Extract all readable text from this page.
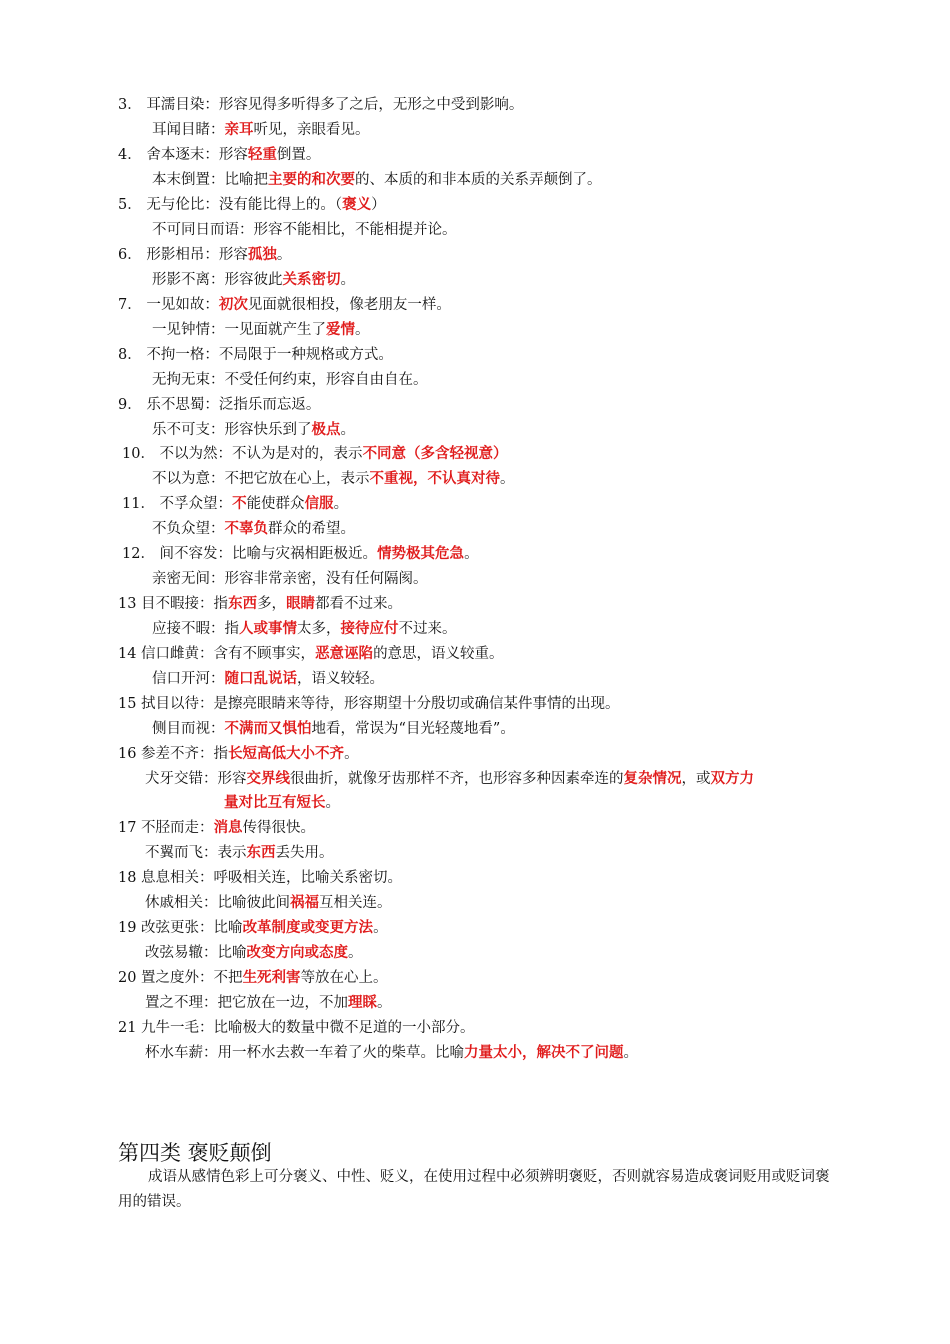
3． 耳濡目染：形容见得多听得多了之后，无形之中受到影响。
耳闻目睹：亲耳听见，亲眼看见。
4． 舍本逐末：形容轻重倒置。
本末倒置：比喻把主要的和次要的、本质的和非本质的关系弄颠倒了。
5． 无与伦比：没有能比得上的。（褒义）
不可同日而语：形容不能相比，不能相提并论。
6． 形影相吊：形容孤独。
形影不离：形容彼此关系密切。
7． 一见如故：初次见面就很相投，像老朋友一样。
一见钟情：一见面就产生了爱情。
8． 不拘一格：不局限于一种规格或方式。
无拘无束：不受任何约束，形容自由自在。
9． 乐不思蜀：泛指乐而忘返。
乐不可支：形容快乐到了极点。
10． 不以为然：不认为是对的，表示不同意（多含轻视意）
不以为意：不把它放在心上，表示不重视，不认真对待。
11． 不孚众望：不能使群众信服。
不负众望：不辜负群众的希望。
12． 间不容发：比喻与灾祸相距极近。情势极其危急。
亲密无间：形容非常亲密，没有任何隔阂。
13 目不暇接：指东西多，眼睛都看不过来。
应接不暇：指人或事情太多，接待应付不过来。
14 信口雌黄：含有不顾事实，恶意诬陷的意思，语义较重。
信口开河：随口乱说话，语义较轻。
15 拭目以待：是擦亮眼睛来等待，形容期望十分殷切或确信某件事情的出现。
侧目而视：不满而又惧怕地看，常误为“目光轻蔑地看”。
16 参差不齐：指长短高低大小不齐。
犬牙交错：形容交界线很曲折，就像牙齿那样不齐，也形容多种因素牵连的复杂情况，或双方力
量对比互有短长。
17 不胫而走：消息传得很快。
不翼而飞：表示东西丢失用。
18 息息相关：呼吸相关连，比喻关系密切。
休戚相关：比喻彼此间祸福互相关连。
19 改弦更张：比喻改革制度或变更方法。
改弦易辙：比喻改变方向或态度。
20 置之度外：不把生死利害等放在心上。
置之不理：把它放在一边，不加理睬。
21 九牛一毛：比喻极大的数量中微不足道的一小部分。
杯水车薪：用一杯水去救一车着了火的柴草。比喻力量太小，解决不了问题。
第四类 褒贬颠倒
成语从感情色彩上可分褒义、中性、贬义，在使用过程中必须辨明褒贬，否则就容易造成褒词贬用或贬词褒用的错误。
